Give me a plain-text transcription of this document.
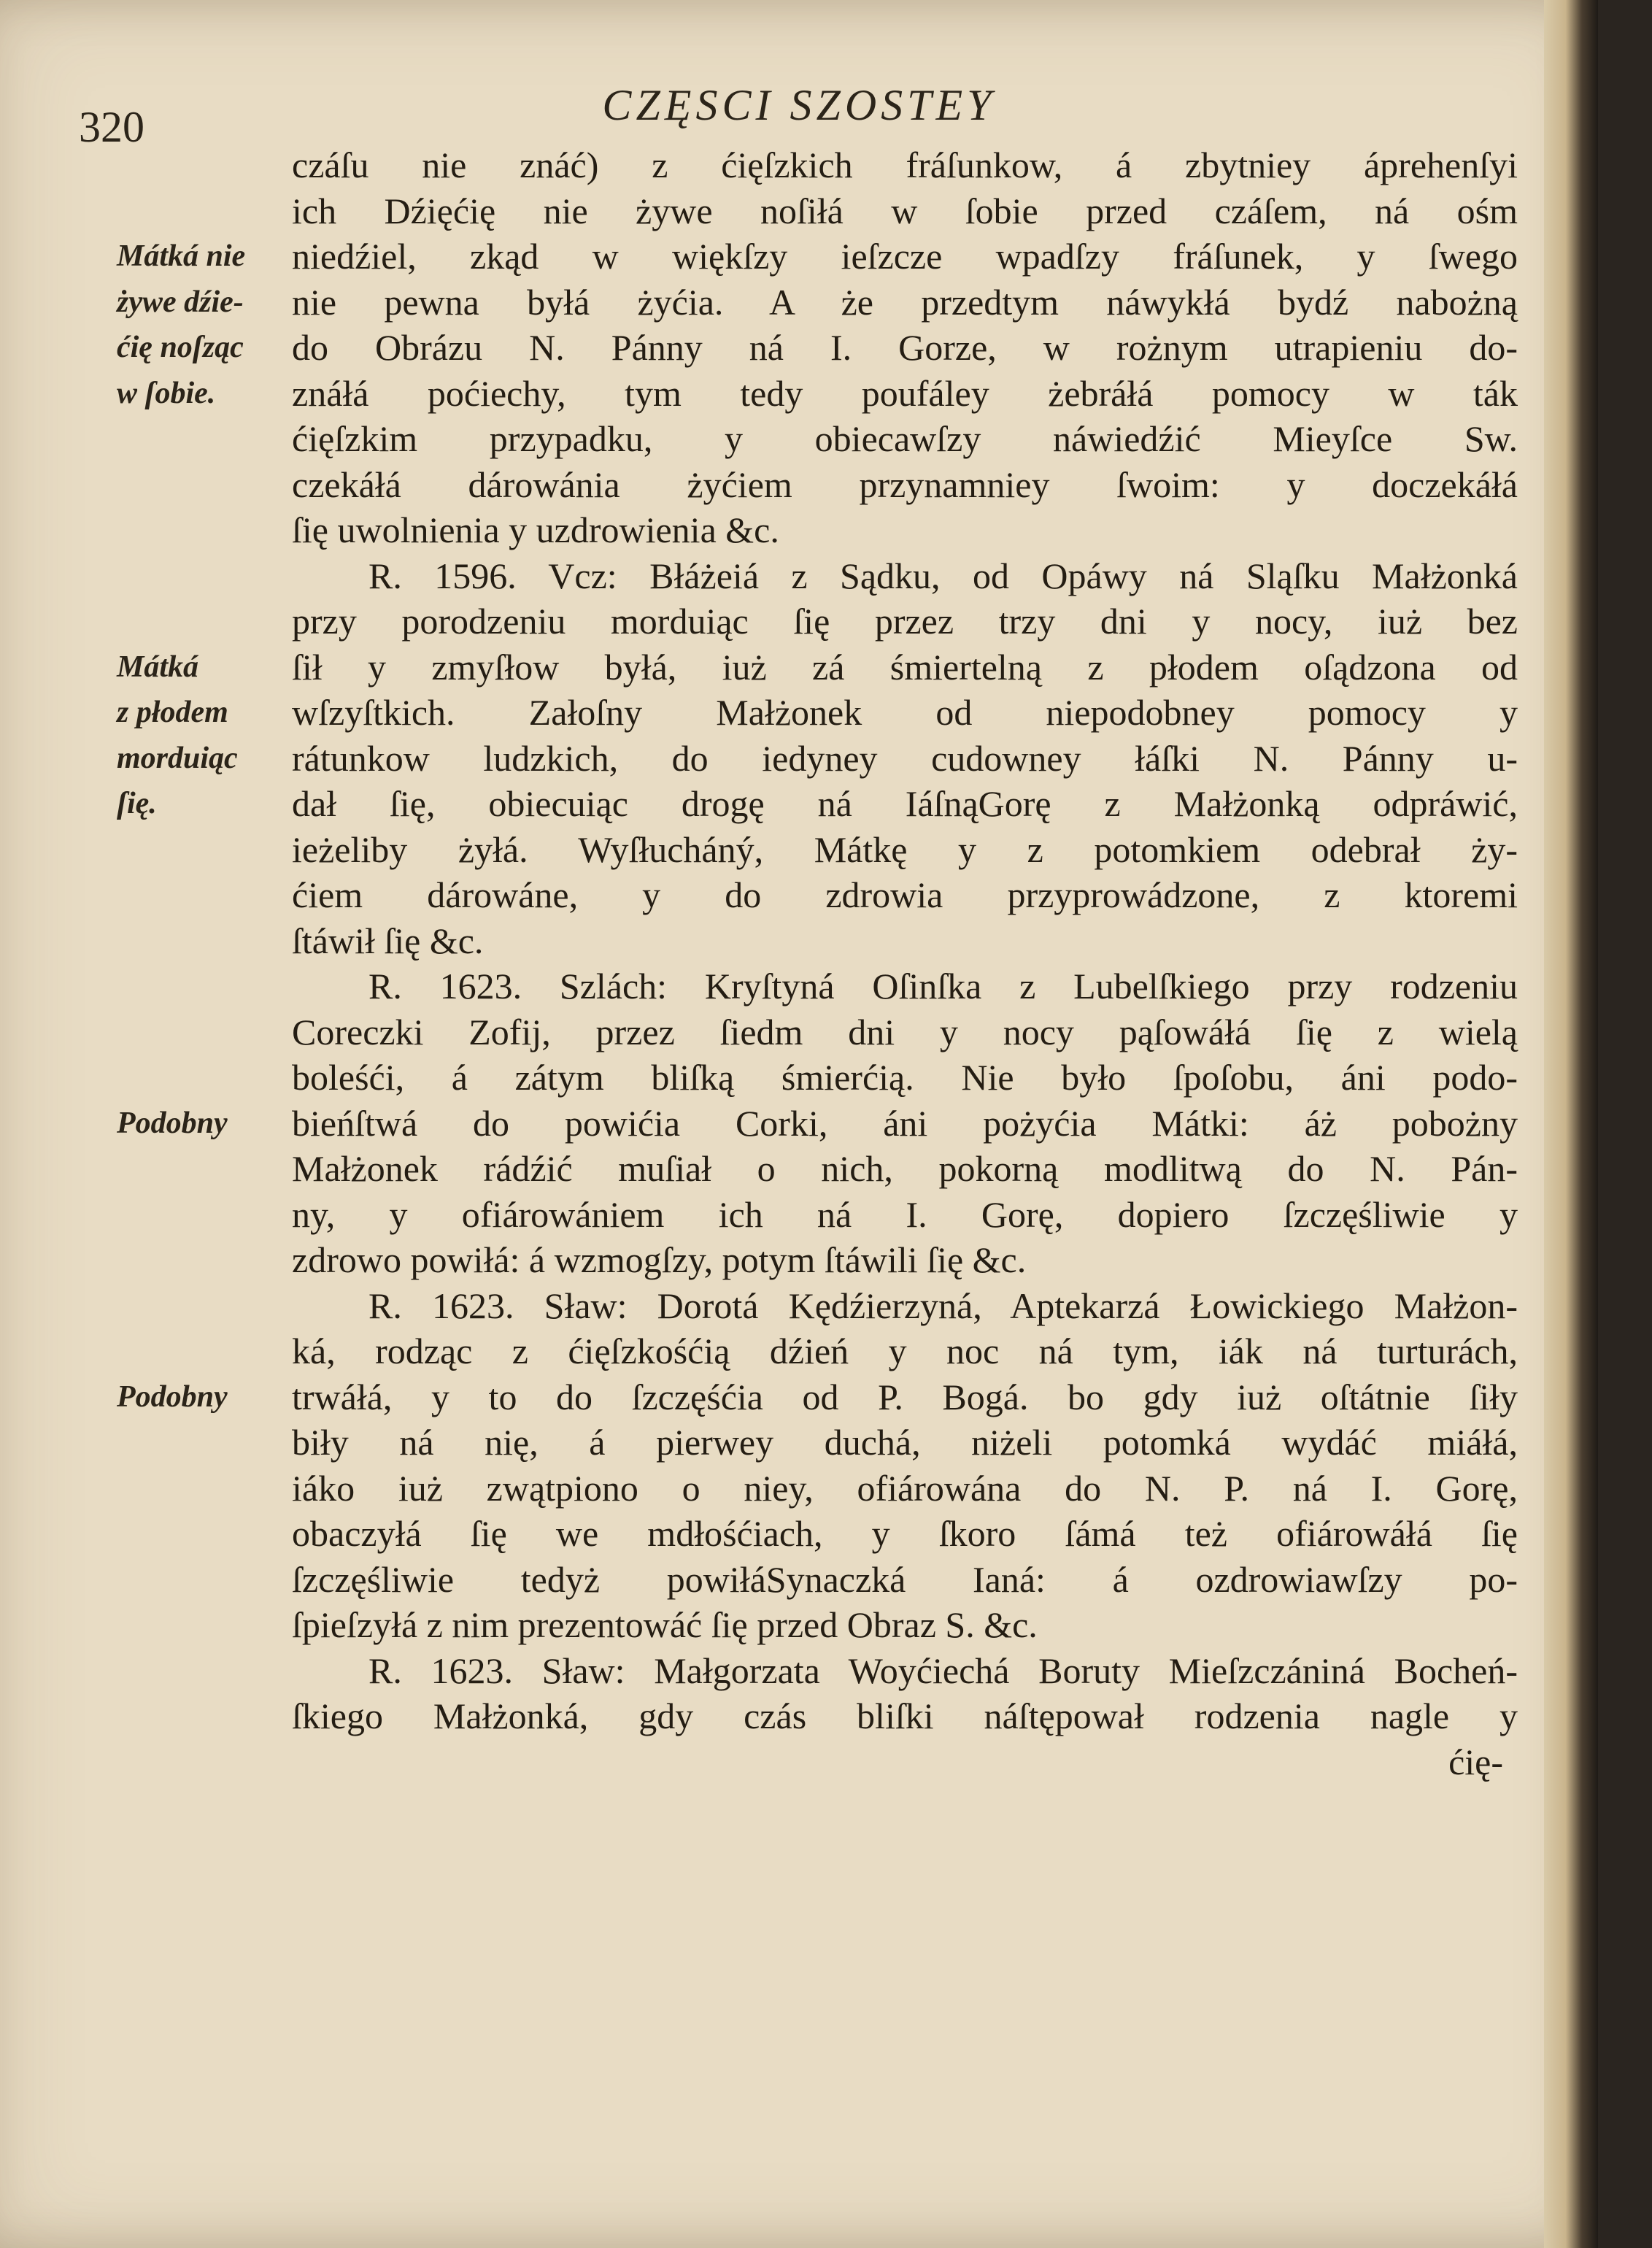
320	CZĘSCI SZOSTEY
czáſu nie znáć) z ćięſzkich fráſunkow, á zbytniey áprehenſyi
ich Dźięćię nie żywe noſiłá w ſobie przed czáſem, ná ośm
niedźiel, zkąd w więkſzy ieſzcze wpadſzy fráſunek, y ſwego
nie pewna byłá żyćia. A że przedtym náwykłá bydź nabożną
do Obrázu N. Pánny ná I. Gorze, w rożnym utrapieniu do-
znáłá poćiechy, tym tedy poufáley żebráłá pomocy w ták
ćięſzkim przypadku, y obiecawſzy náwiedźić Mieyſce Sw.
czekáłá dárowánia żyćiem przynamniey ſwoim: y doczekáłá
ſię uwolnienia y uzdrowienia &c.
R. 1596. Vcz: Błáżeiá z Sądku, od Opáwy ná Sląſku Małżonká
przy porodzeniu morduiąc ſię przez trzy dni y nocy, iuż bez
ſił y zmyſłow byłá, iuż zá śmiertelną z płodem oſądzona od
wſzyſtkich. Załoſny Małżonek od niepodobney pomocy y
rátunkow ludzkich, do iedyney cudowney łáſki N. Pánny u-
dał ſię, obiecuiąc drogę ná IáſnąGorę z Małżonką odpráwić,
ieżeliby żyłá. Wyſłucháný, Mátkę y z potomkiem odebrał ży-
ćiem dárowáne, y do zdrowia przyprowádzone, z ktoremi
ſtáwił ſię &c.
R. 1623. Szlách: Kryſtyná Oſinſka z Lubelſkiego przy rodzeniu
Coreczki Zofij, przez ſiedm dni y nocy pąſowáłá ſię z wielą
boleśći, á zátym bliſką śmierćią. Nie było ſpoſobu, áni podo-
bieńſtwá do powićia Corki, áni pożyćia Mátki: áż pobożny
Małżonek rádźić muſiał o nich, pokorną modlitwą do N. Pán-
ny, y ofiárowániem ich ná I. Gorę, dopiero ſzczęśliwie y
zdrowo powiłá: á wzmogſzy, potym ſtáwili ſię &c.
R. 1623. Sław: Dorotá Kędźierzyná, Aptekarzá Łowickiego Małżon-
ká, rodząc z ćięſzkośćią dźień y noc ná tym, iák ná turturách,
trwáłá, y to do ſzczęśćia od P. Bogá. bo gdy iuż oſtátnie ſiły
biły ná nię, á pierwey duchá, niżeli potomká wydáć miáłá,
iáko iuż zwątpiono o niey, ofiárowána do N. P. ná I. Gorę,
obaczyłá ſię we mdłośćiach, y ſkoro ſámá też ofiárowáłá ſię
ſzczęśliwie tedyż powiłáSynaczká Ianá: á ozdrowiawſzy po-
ſpieſzyłá z nim prezentowáć ſię przed Obraz S. &c.
R. 1623. Sław: Małgorzata Woyćiechá Boruty Mieſzczániná Bocheń-
ſkiego Małżonká, gdy czás bliſki náſtępował rodzenia nagle y
ćię-
Mátká nie
żywe dźie-
ćię noſząc
w ſobie.
Mátká
z płodem
morduiąc
ſię.
Podobny
Podobny
